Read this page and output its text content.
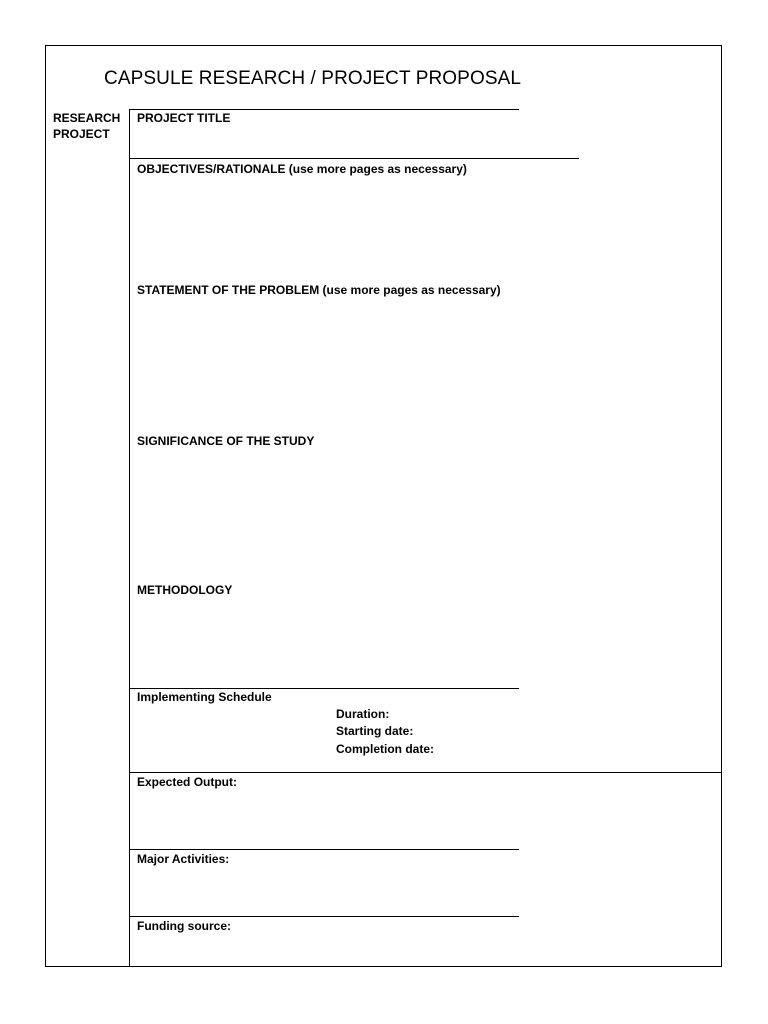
CAPSULE RESEARCH / PROJECT PROPOSAL
RESEARCH
PROJECT
PROJECT TITLE
OBJECTIVES/RATIONALE (use more pages as necessary)
STATEMENT OF THE PROBLEM (use more pages as necessary)
SIGNIFICANCE OF THE STUDY
METHODOLOGY
Implementing Schedule
Duration:
Starting date:
Completion date:
Expected Output:
Major Activities:
Funding source:
